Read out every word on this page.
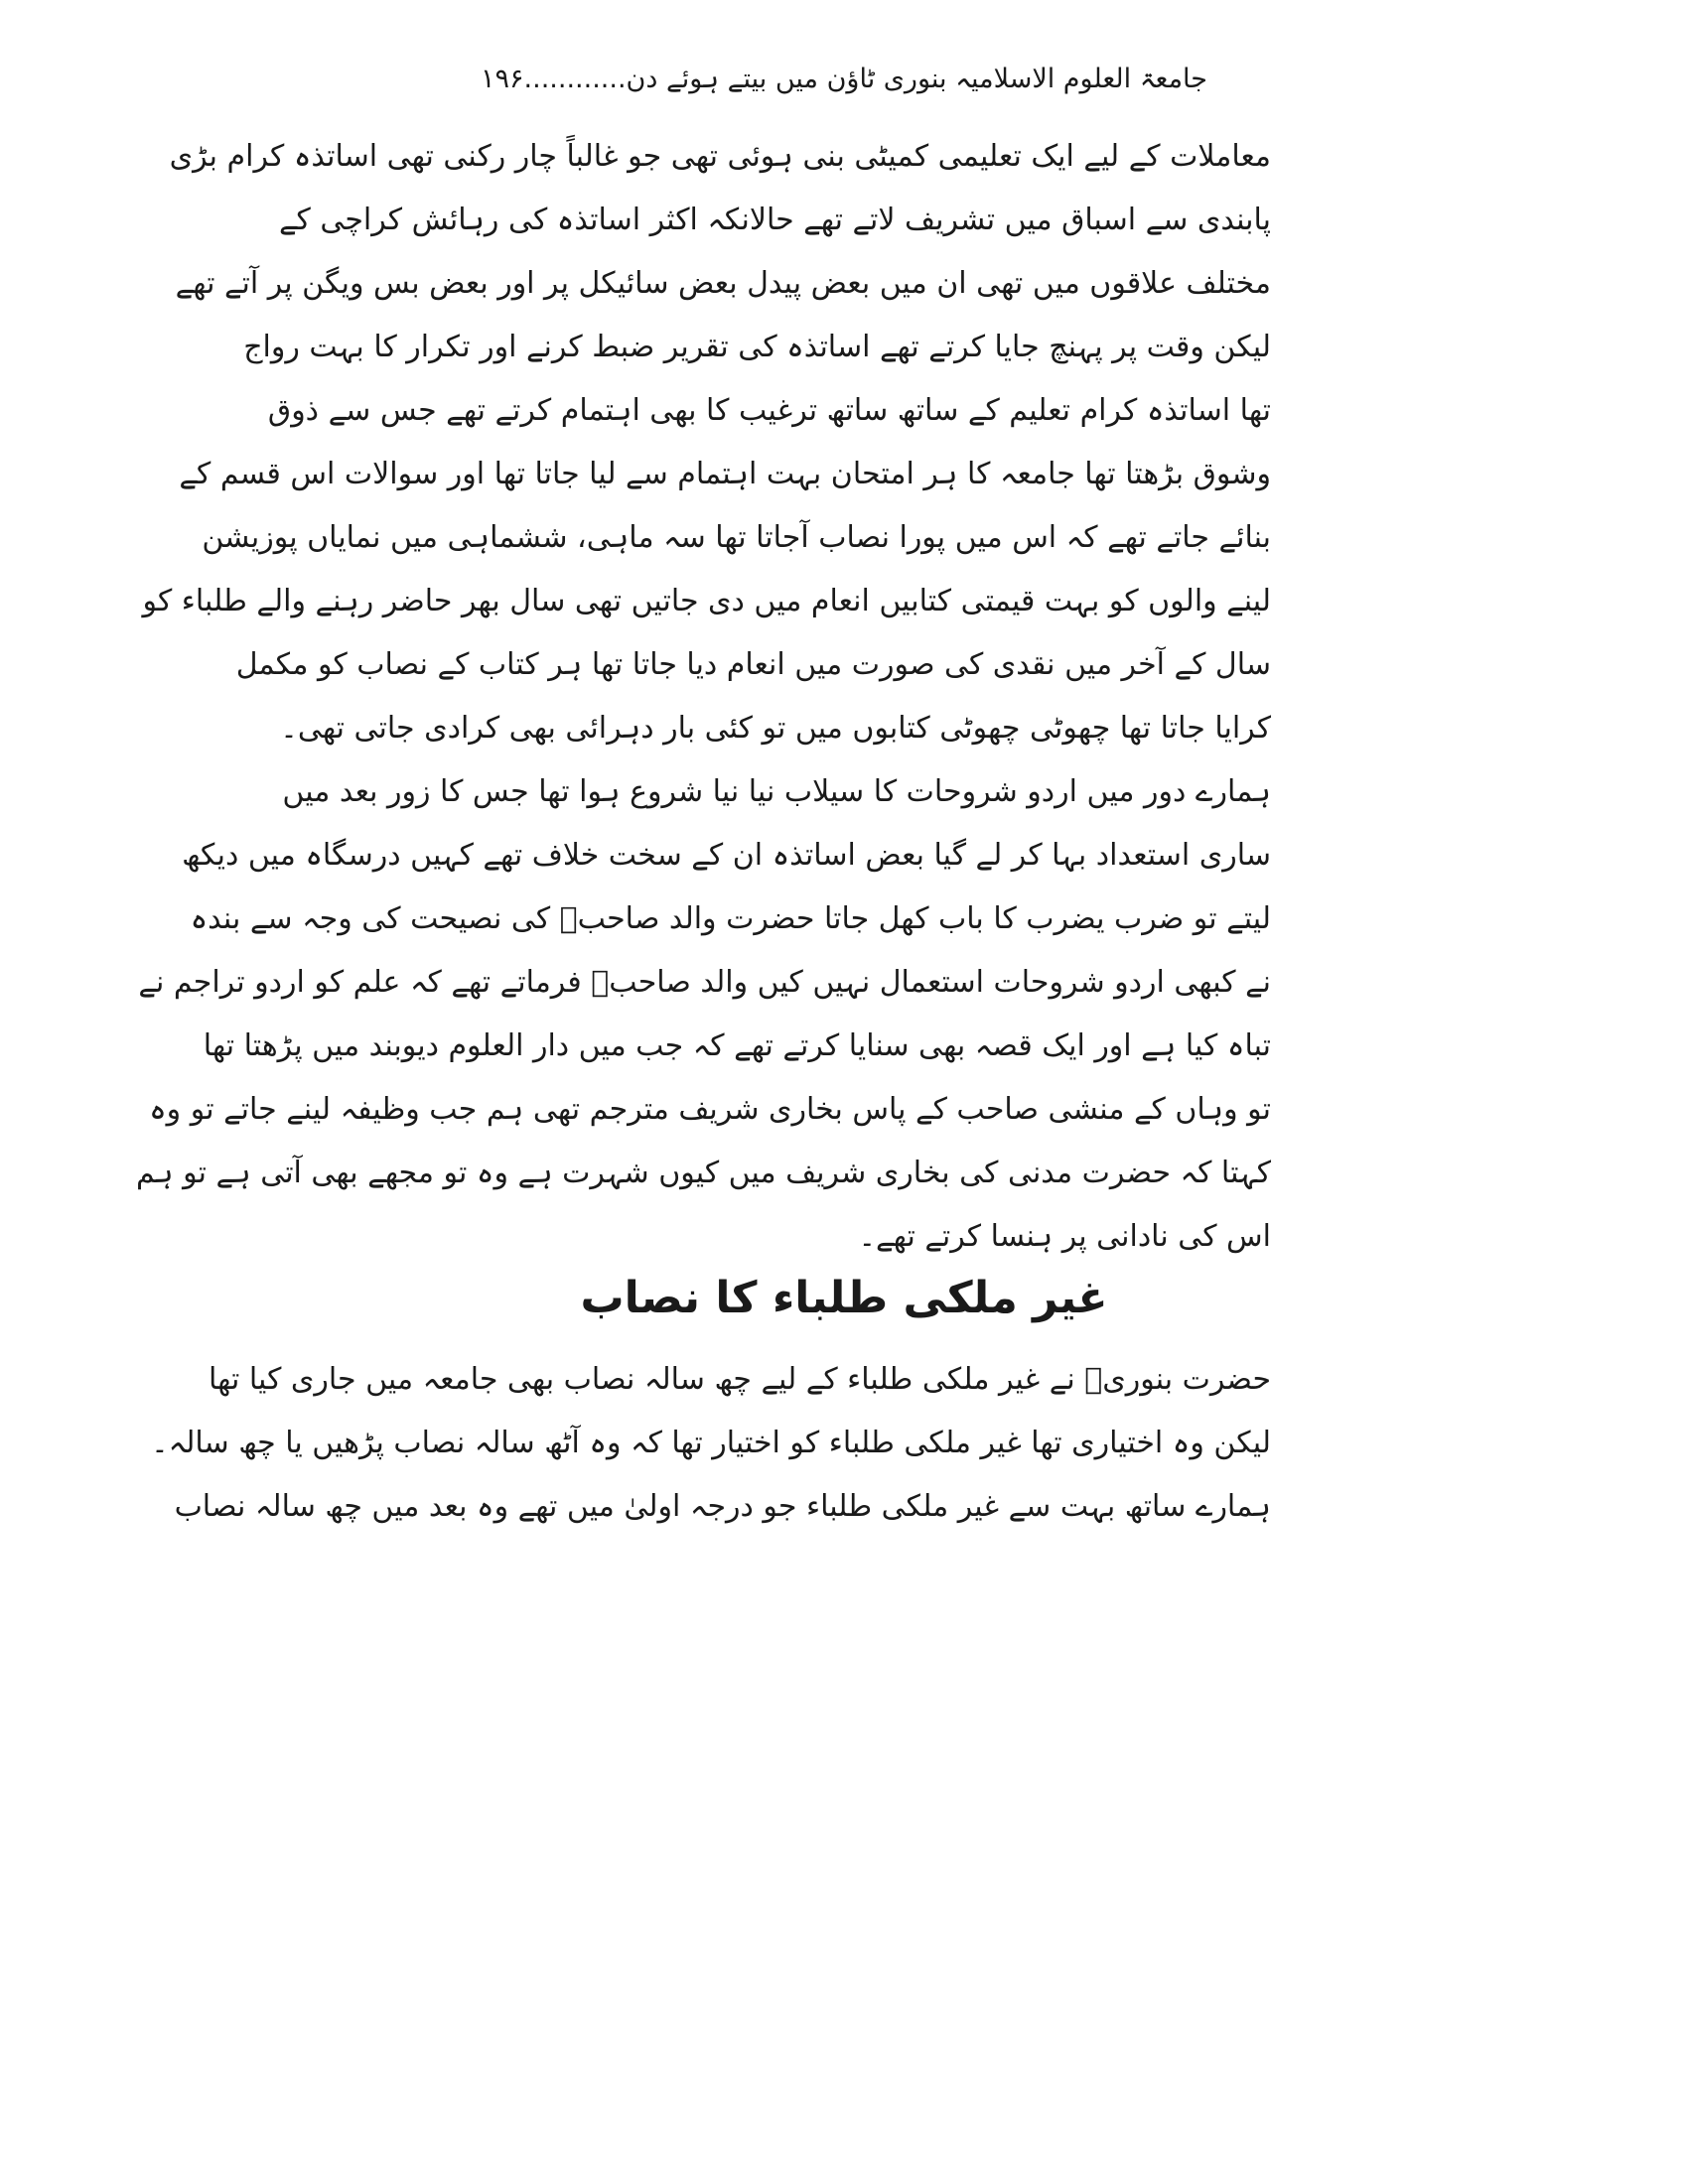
جامعۃ العلوم الاسلامیہ بنوری ٹاؤن میں بیتے ہوئے دن............۱۹۶
معاملات کے لیے ایک تعلیمی کمیٹی بنی ہوئی تھی جو غالباً چار رکنی تھی اساتذہ کرام بڑی
پابندی سے اسباق میں تشریف لاتے تھے حالانکہ اکثر اساتذہ کی رہائش کراچی کے
مختلف علاقوں میں تھی ان میں بعض پیدل بعض سائیکل پر اور بعض بس ویگن پر آتے تھے
لیکن وقت پر پہنچ جایا کرتے تھے اساتذہ کی تقریر ضبط کرنے اور تکرار کا بہت رواج
تھا اساتذہ کرام تعلیم کے ساتھ ساتھ ترغیب کا بھی اہتمام کرتے تھے جس سے ذوق
وشوق بڑھتا تھا جامعہ کا ہر امتحان بہت اہتمام سے لیا جاتا تھا اور سوالات اس قسم کے
بنائے جاتے تھے کہ اس میں پورا نصاب آجاتا تھا سہ ماہی، ششماہی میں نمایاں پوزیشن
لینے والوں کو بہت قیمتی کتابیں انعام میں دی جاتیں تھی سال بھر حاضر رہنے والے طلباء کو
سال کے آخر میں نقدی کی صورت میں انعام دیا جاتا تھا ہر کتاب کے نصاب کو مکمل
کرایا جاتا تھا چھوٹی چھوٹی کتابوں میں تو کئی بار دہرائی بھی کرادی جاتی تھی۔
ہمارے دور میں اردو شروحات کا سیلاب نیا نیا شروع ہوا تھا جس کا زور بعد میں
ساری استعداد بہا کر لے گیا بعض اساتذہ ان کے سخت خلاف تھے کہیں درسگاہ میں دیکھ
لیتے تو ضرب یضرب کا باب کھل جاتا حضرت والد صاحبؒ کی نصیحت کی وجہ سے بندہ
نے کبھی اردو شروحات استعمال نہیں کیں والد صاحبؒ فرماتے تھے کہ علم کو اردو تراجم نے
تباہ کیا ہے اور ایک قصہ بھی سنایا کرتے تھے کہ جب میں دار العلوم دیوبند میں پڑھتا تھا
تو وہاں کے منشی صاحب کے پاس بخاری شریف مترجم تھی ہم جب وظیفہ لینے جاتے تو وہ
کہتا کہ حضرت مدنی کی بخاری شریف میں کیوں شہرت ہے وہ تو مجھے بھی آتی ہے تو ہم
اس کی نادانی پر ہنسا کرتے تھے۔
غیر ملکی طلباء کا نصاب
حضرت بنوریؒ نے غیر ملکی طلباء کے لیے چھ سالہ نصاب بھی جامعہ میں جاری کیا تھا
لیکن وہ اختیاری تھا غیر ملکی طلباء کو اختیار تھا کہ وہ آٹھ سالہ نصاب پڑھیں یا چھ سالہ۔
ہمارے ساتھ بہت سے غیر ملکی طلباء جو درجہ اولیٰ میں تھے وہ بعد میں چھ سالہ نصاب
